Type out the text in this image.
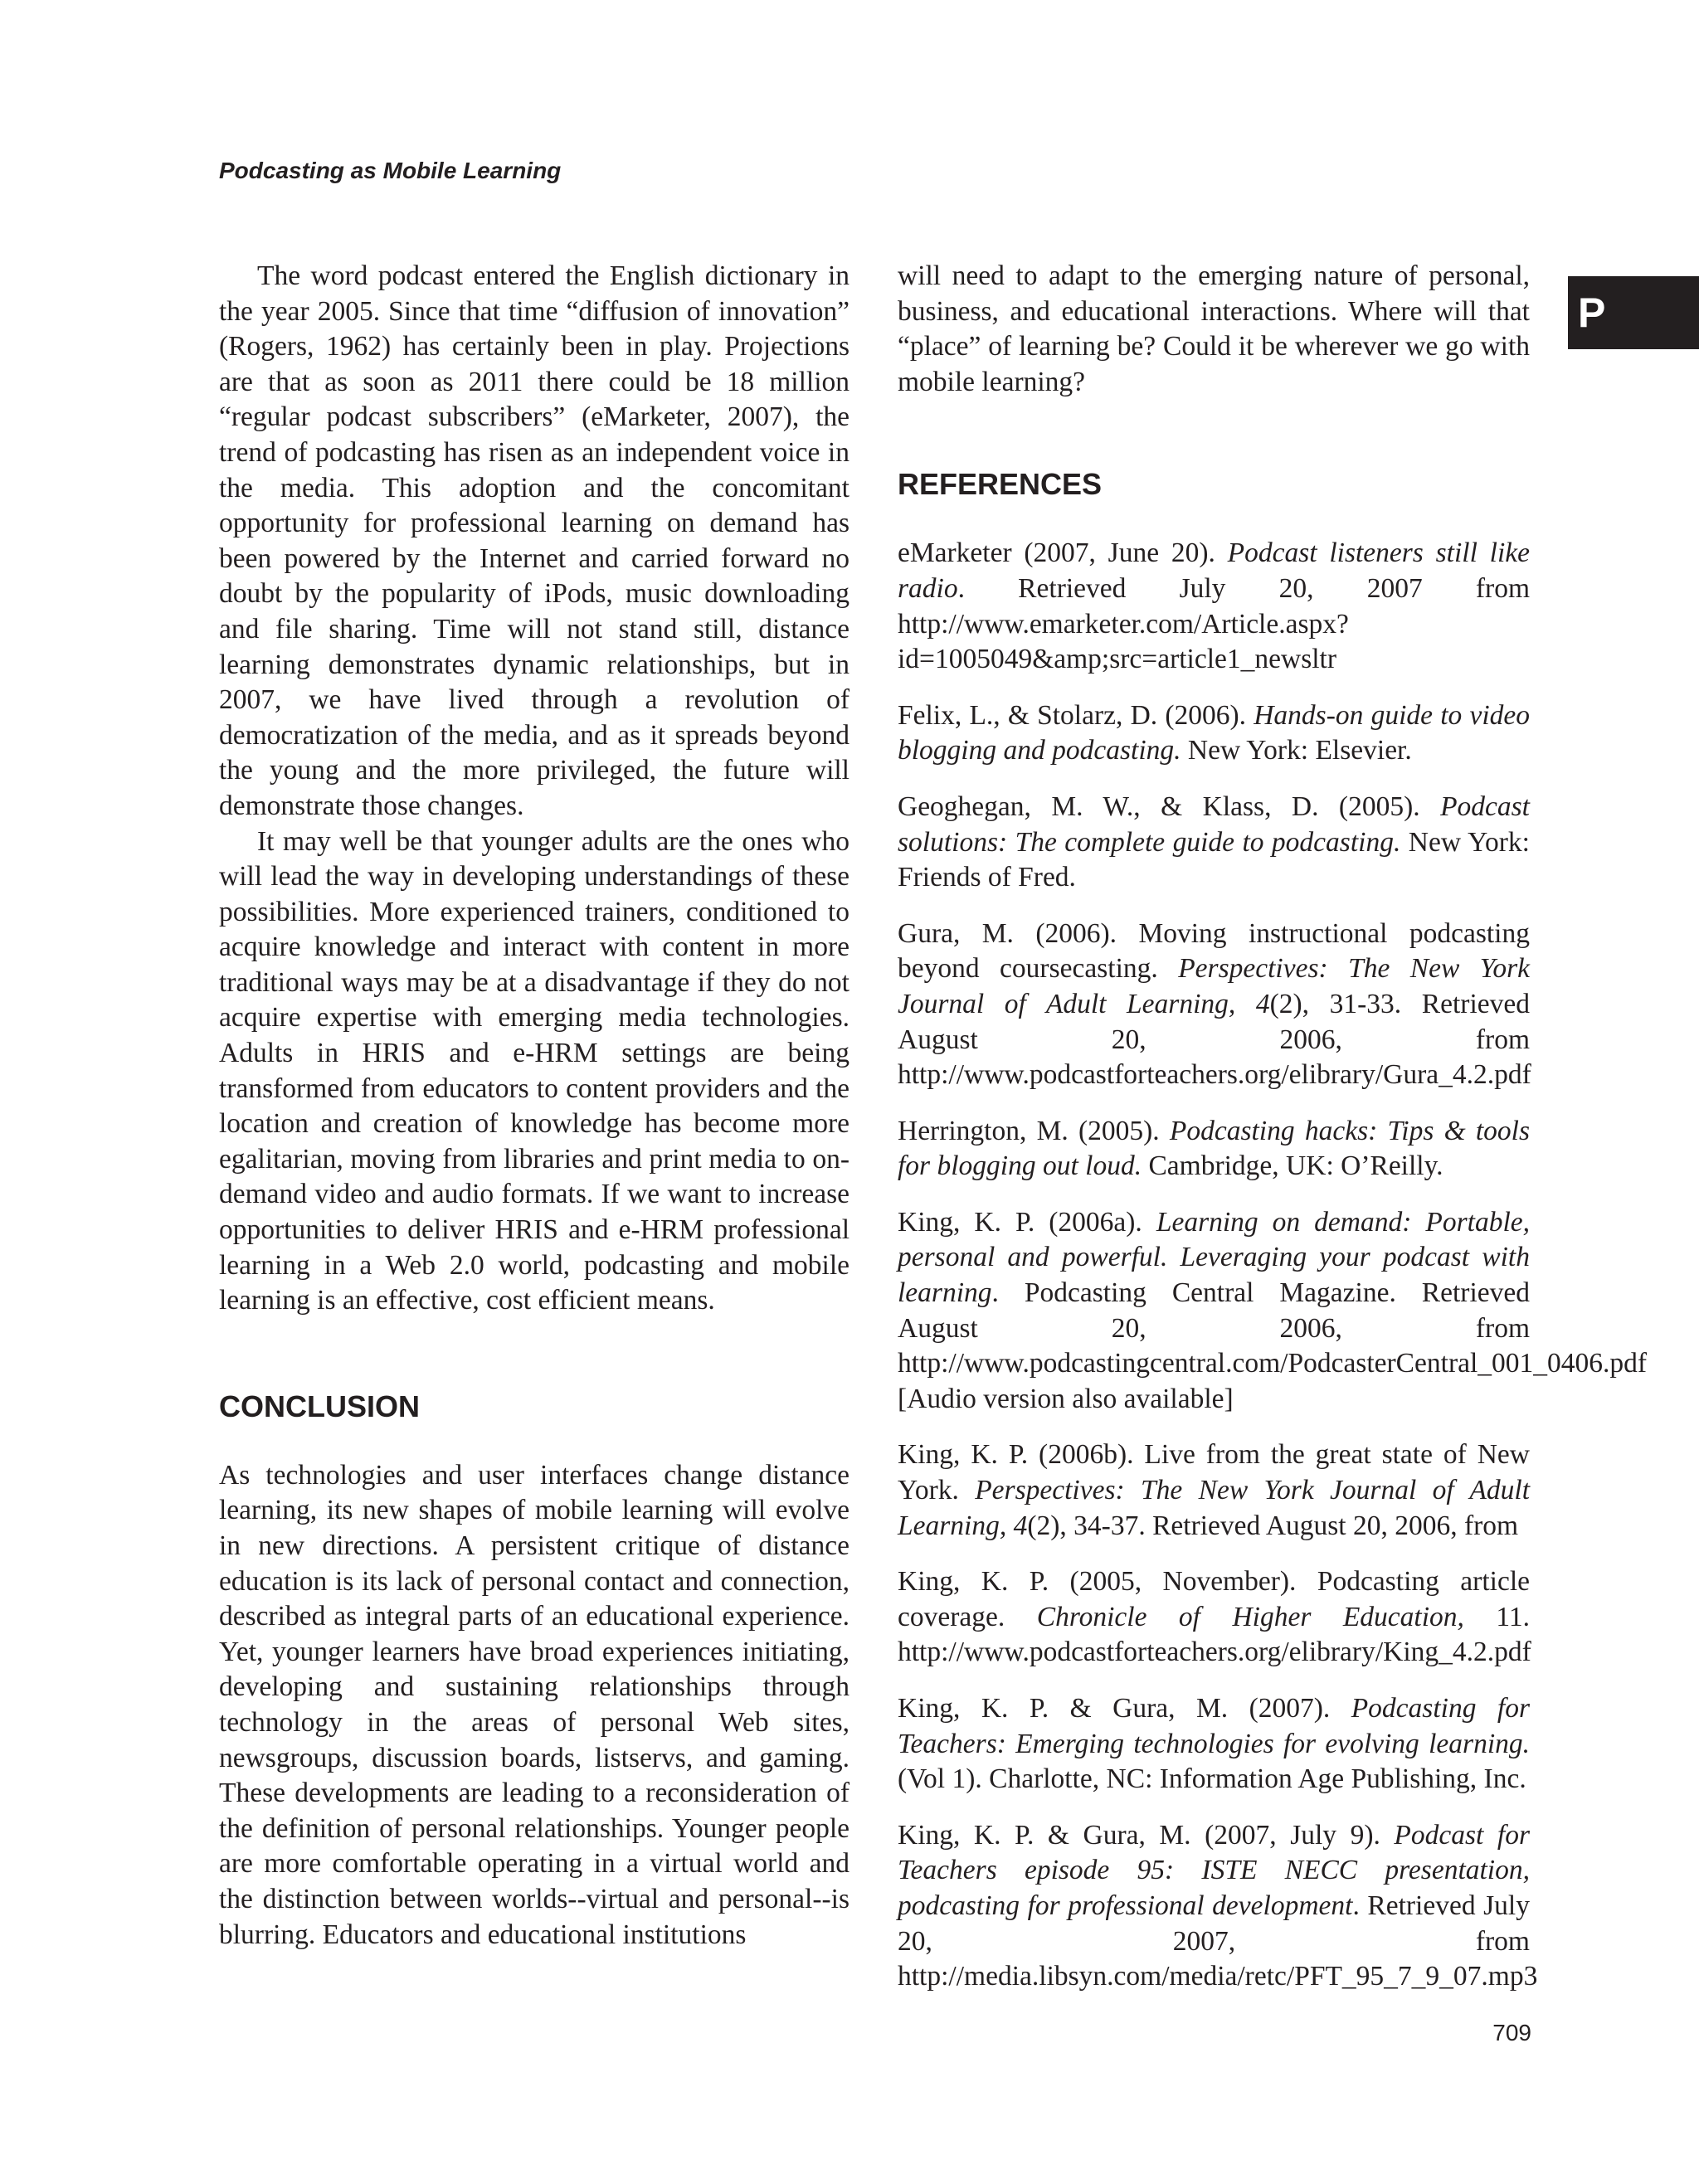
Podcasting as Mobile Learning
P

The word podcast entered the English dictionary in the year 2005. Since that time “diffusion of innovation” (Rogers, 1962) has certainly been in play. Projections are that as soon as 2011 there could be 18 million “regular podcast subscribers” (eMarketer, 2007), the trend of podcasting has risen as an independent voice in the media. This adoption and the concomitant opportunity for professional learning on demand has been powered by the Internet and carried forward no doubt by the popularity of iPods, music downloading and file sharing. Time will not stand still, distance learning demonstrates dynamic relationships, but in 2007, we have lived through a revolution of democratization of the media, and as it spreads beyond the young and the more privileged, the future will demonstrate those changes.

It may well be that younger adults are the ones who will lead the way in developing understandings of these possibilities. More experienced trainers, conditioned to acquire knowledge and interact with content in more traditional ways may be at a disadvantage if they do not acquire expertise with emerging media technologies. Adults in HRIS and e-HRM settings are being transformed from educators to content providers and the location and creation of knowledge has become more egalitarian, moving from libraries and print media to on-demand video and audio formats. If we want to increase opportunities to deliver HRIS and e-HRM professional learning in a Web 2.0 world, podcasting and mobile learning is an effective, cost efficient means.

CONCLUSION

As technologies and user interfaces change distance learning, its new shapes of mobile learning will evolve in new directions. A persistent critique of distance education is its lack of personal contact and connection, described as integral parts of an educational experience. Yet, younger learners have broad experiences initiating, developing and sustaining relationships through technology in the areas of personal Web sites, newsgroups, discussion boards, listservs, and gaming. These developments are leading to a reconsideration of the definition of personal relationships. Younger people are more comfortable operating in a virtual world and the distinction between worlds--virtual and personal--is blurring. Educators and educational institutions

will need to adapt to the emerging nature of personal, business, and educational interactions. Where will that “place” of learning be? Could it be wherever we go with mobile learning?

REFERENCES

eMarketer (2007, June 20). Podcast listeners still like radio. Retrieved July 20, 2007 from http://www.emarketer.com/Article.aspx?id=1005049&amp;src=article1_newsltr

Felix, L., & Stolarz, D. (2006). Hands-on guide to video blogging and podcasting. New York: Elsevier.

Geoghegan, M. W., & Klass, D. (2005). Podcast solutions: The complete guide to podcasting. New York: Friends of Fred.

Gura, M. (2006). Moving instructional podcasting beyond coursecasting. Perspectives: The New York Journal of Adult Learning, 4(2), 31-33. Retrieved August 20, 2006, from http://www.podcastforteachers.org/elibrary/Gura_4.2.pdf

Herrington, M. (2005). Podcasting hacks: Tips & tools for blogging out loud. Cambridge, UK: O’Reilly.

King, K. P. (2006a). Learning on demand: Portable, personal and powerful. Leveraging your podcast with learning. Podcasting Central Magazine. Retrieved August 20, 2006, from http://www.podcastingcentral.com/PodcasterCentral_001_0406.pdf [Audio version also available]

King, K. P. (2006b). Live from the great state of New York. Perspectives: The New York Journal of Adult Learning, 4(2), 34-37. Retrieved August 20, 2006, from

King, K. P. (2005, November). Podcasting article coverage. Chronicle of Higher Education, 11. http://www.podcastforteachers.org/elibrary/King_4.2.pdf

King, K. P. & Gura, M. (2007). Podcasting for Teachers: Emerging technologies for evolving learning. (Vol 1). Charlotte, NC: Information Age Publishing, Inc.

King, K. P. & Gura, M. (2007, July 9). Podcast for Teachers episode 95: ISTE NECC presentation, podcasting for professional development. Retrieved July 20, 2007, from http://media.libsyn.com/media/retc/PFT_95_7_9_07.mp3

709
